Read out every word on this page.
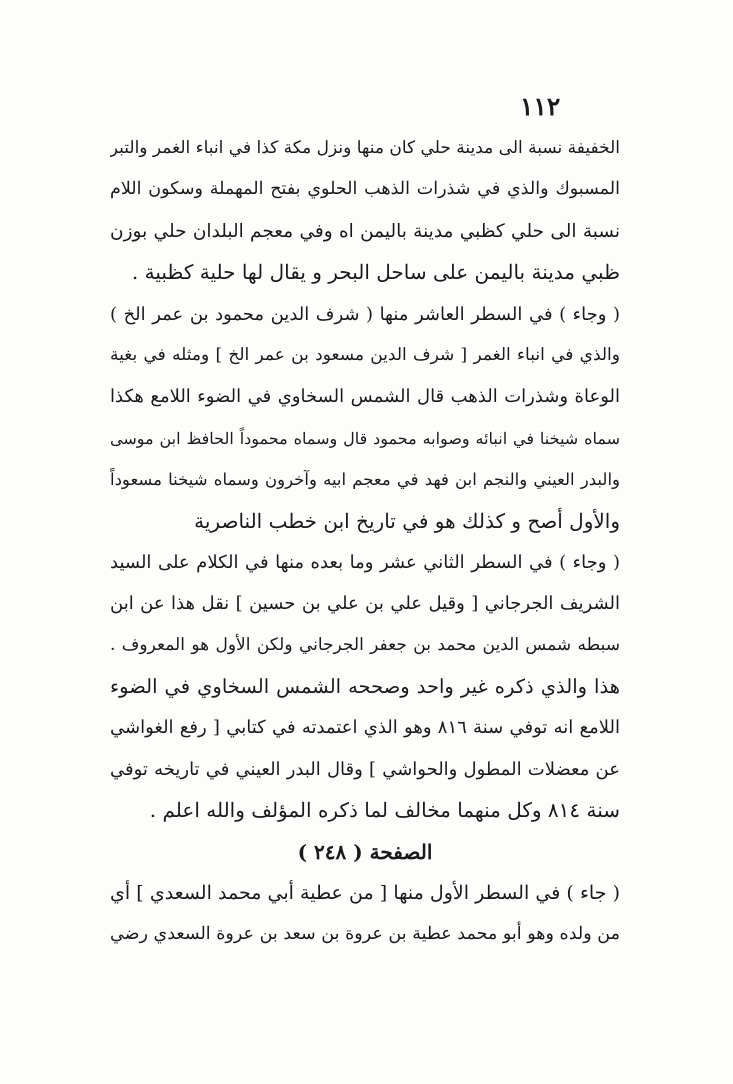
١١٢
الخفيفة نسبة الى مدينة حلي كان منها ونزل مكة كذا في انباء الغمر والتبر
المسبوك والذي في شذرات الذهب الحلوي بفتح المهملة وسكون اللام
نسبة الى حلي كظبي مدينة باليمن اه وفي معجم البلدان حلي بوزن
ظبي مدينة باليمن على ساحل البحر و يقال لها حلية كظبية .
( وجاء ) في السطر العاشر منها ( شرف الدين محمود بن عمر الخ )
والذي في انباء الغمر [ شرف الدين مسعود بن عمر الخ ] ومثله في بغية
الوعاة وشذرات الذهب قال الشمس السخاوي في الضوء اللامع هكذا
سماه شيخنا في انبائه وصوابه محمود قال وسماه محموداً الحافظ ابن موسى
والبدر العيني والنجم ابن فهد في معجم ابيه وآخرون وسماه شيخنا مسعوداً
والأول أصح و كذلك هو في تاريخ ابن خطب الناصرية
( وجاء ) في السطر الثاني عشر وما بعده منها في الكلام على السيد
الشريف الجرجاني [ وقيل علي بن علي بن حسين ] نقل هذا عن ابن
سبطه شمس الدين محمد بن جعفر الجرجاني ولكن الأول هو المعروف .
هذا والذي ذكره غير واحد وصححه الشمس السخاوي في الضوء
اللامع انه توفي سنة ٨١٦ وهو الذي اعتمدته في كتابي [ رفع الغواشي
عن معضلات المطول والحواشي ] وقال البدر العيني في تاريخه توفي
سنة ٨١٤ وكل منهما مخالف لما ذكره المؤلف والله اعلم .
الصفحة ( ٢٤٨ )
( جاء ) في السطر الأول منها [ من عطية أبي محمد السعدي ] أي
من ولده وهو أبو محمد عطية بن عروة بن سعد بن عروة السعدي رضي
